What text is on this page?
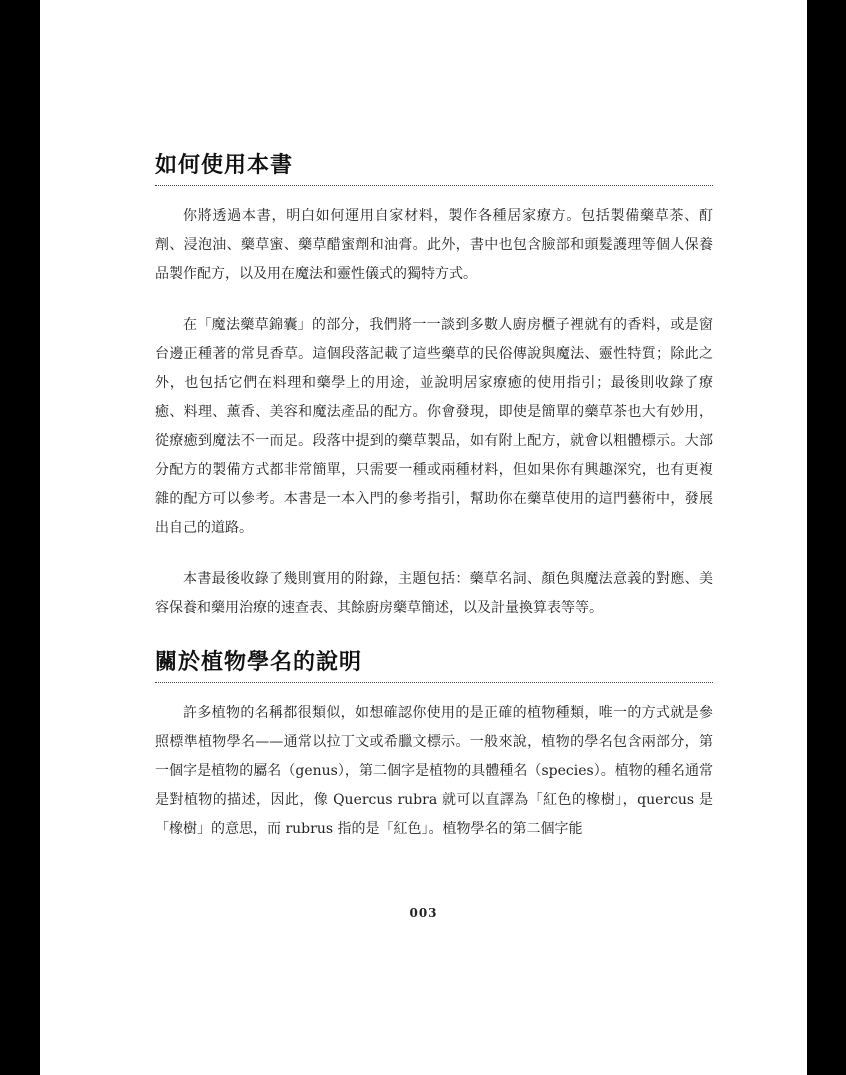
如何使用本書

你將透過本書，明白如何運用自家材料，製作各種居家療方。包括製備藥草茶、酊劑、浸泡油、藥草蜜、藥草醋蜜劑和油膏。此外，書中也包含臉部和頭髮護理等個人保養品製作配方，以及用在魔法和靈性儀式的獨特方式。

在「魔法藥草錦囊」的部分，我們將一一談到多數人廚房櫃子裡就有的香料，或是窗台邊正種著的常見香草。這個段落記載了這些藥草的民俗傳說與魔法、靈性特質；除此之外，也包括它們在料理和藥學上的用途，並說明居家療癒的使用指引；最後則收錄了療癒、料理、薰香、美容和魔法產品的配方。你會發現，即使是簡單的藥草茶也大有妙用，從療癒到魔法不一而足。段落中提到的藥草製品，如有附上配方，就會以粗體標示。大部分配方的製備方式都非常簡單，只需要一種或兩種材料，但如果你有興趣深究，也有更複雜的配方可以參考。本書是一本入門的參考指引，幫助你在藥草使用的這門藝術中，發展出自己的道路。

本書最後收錄了幾則實用的附錄，主題包括：藥草名詞、顏色與魔法意義的對應、美容保養和藥用治療的速查表、其餘廚房藥草簡述，以及計量換算表等等。

關於植物學名的說明

許多植物的名稱都很類似，如想確認你使用的是正確的植物種類，唯一的方式就是參照標準植物學名——通常以拉丁文或希臘文標示。一般來說，植物的學名包含兩部分，第一個字是植物的屬名（genus），第二個字是植物的具體種名（species）。植物的種名通常是對植物的描述，因此，像 Quercus rubra 就可以直譯為「紅色的橡樹」，quercus 是「橡樹」的意思，而 rubrus 指的是「紅色」。植物學名的第二個字能

003
